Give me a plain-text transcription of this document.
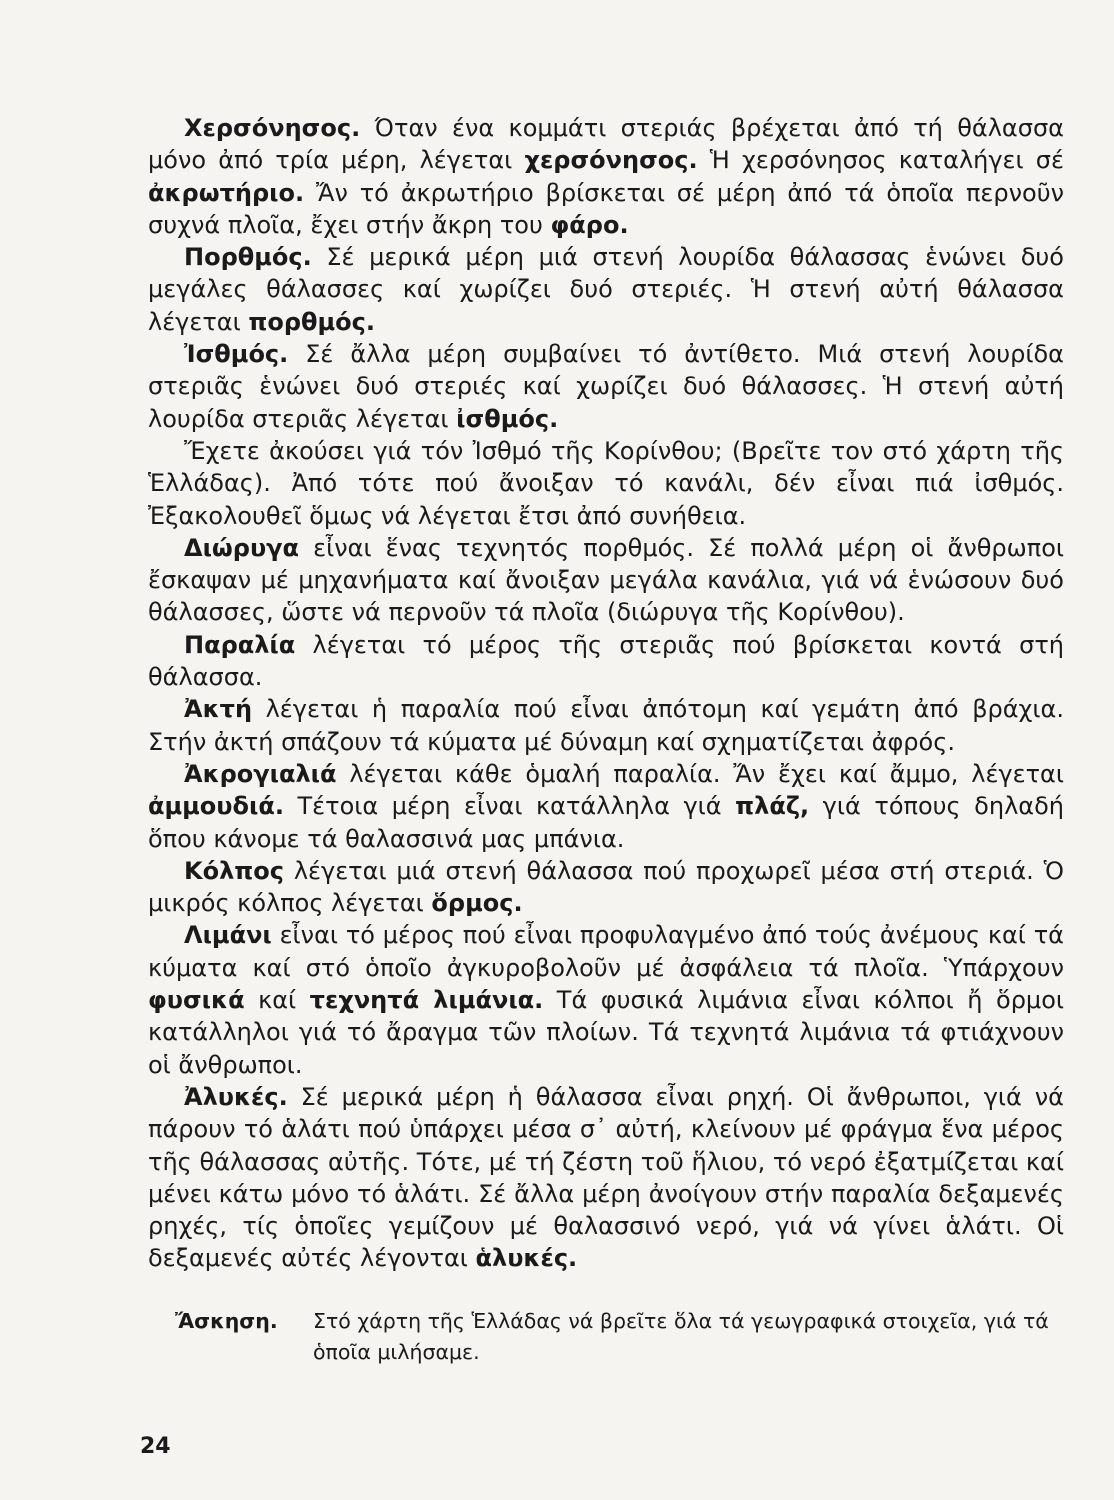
Χερσόνησος. Όταν ένα κομμάτι στεριάς βρέχεται ἀπό τή θάλασσα μόνο ἀπό τρία μέρη, λέγεται χερσόνησος. Ἡ χερσόνησος καταλήγει σέ ἀκρωτήριο. Ἄν τό ἀκρωτήριο βρίσκεται σέ μέρη ἀπό τά ὁποῖα περνοῦν συχνά πλοῖα, ἔχει στήν ἄκρη του φάρο.

Πορθμός. Σέ μερικά μέρη μιά στενή λουρίδα θάλασσας ἑνώνει δυό μεγάλες θάλασσες καί χωρίζει δυό στεριές. Ἡ στενή αὐτή θάλασσα λέγεται πορθμός.

Ἰσθμός. Σέ ἄλλα μέρη συμβαίνει τό ἀντίθετο. Μιά στενή λουρίδα στεριᾶς ἑνώνει δυό στεριές καί χωρίζει δυό θάλασσες. Ἡ στενή αὐτή λουρίδα στεριᾶς λέγεται ἰσθμός.

Ἔχετε ἀκούσει γιά τόν Ἰσθμό τῆς Κορίνθου; (Βρεῖτε τον στό χάρτη τῆς Ἑλλάδας). Ἀπό τότε πού ἄνοιξαν τό κανάλι, δέν εἶναι πιά ἰσθμός. Ἐξακολουθεῖ ὅμως νά λέγεται ἔτσι ἀπό συνήθεια.

Διώρυγα εἶναι ἕνας τεχνητός πορθμός. Σέ πολλά μέρη οἱ ἄνθρωποι ἔσκαψαν μέ μηχανήματα καί ἄνοιξαν μεγάλα κανάλια, γιά νά ἑνώσουν δυό θάλασσες, ὥστε νά περνοῦν τά πλοῖα (διώρυγα τῆς Κορίνθου).

Παραλία λέγεται τό μέρος τῆς στεριᾶς πού βρίσκεται κοντά στή θάλασσα.

Ἀκτή λέγεται ἡ παραλία πού εἶναι ἀπότομη καί γεμάτη ἀπό βράχια. Στήν ἀκτή σπάζουν τά κύματα μέ δύναμη καί σχηματίζεται ἀφρός.

Ἀκρογιαλιά λέγεται κάθε ὁμαλή παραλία. Ἄν ἔχει καί ἄμμο, λέγεται ἀμμουδιά. Τέτοια μέρη εἶναι κατάλληλα γιά πλάζ, γιά τόπους δηλαδή ὅπου κάνομε τά θαλασσινά μας μπάνια.

Κόλπος λέγεται μιά στενή θάλασσα πού προχωρεῖ μέσα στή στεριά. Ὁ μικρός κόλπος λέγεται ὅρμος.

Λιμάνι εἶναι τό μέρος πού εἶναι προφυλαγμένο ἀπό τούς ἀνέμους καί τά κύματα καί στό ὁποῖο ἀγκυροβολοῦν μέ ἀσφάλεια τά πλοῖα. Ὑπάρχουν φυσικά καί τεχνητά λιμάνια. Τά φυσικά λιμάνια εἶναι κόλποι ἤ ὅρμοι κατάλληλοι γιά τό ἄραγμα τῶν πλοίων. Τά τεχνητά λιμάνια τά φτιάχνουν οἱ ἄνθρωποι.

Ἀλυκές. Σέ μερικά μέρη ἡ θάλασσα εἶναι ρηχή. Οἱ ἄνθρωποι, γιά νά πάρουν τό ἁλάτι πού ὑπάρχει μέσα σ᾽ αὐτή, κλείνουν μέ φράγμα ἕνα μέρος τῆς θάλασσας αὐτῆς. Τότε, μέ τή ζέστη τοῦ ἥλιου, τό νερό ἐξατμίζεται καί μένει κάτω μόνο τό ἁλάτι. Σέ ἄλλα μέρη ἀνοίγουν στήν παραλία δεξαμενές ρηχές, τίς ὁποῖες γεμίζουν μέ θαλασσινό νερό, γιά νά γίνει ἁλάτι. Οἱ δεξαμενές αὐτές λέγονται ἁλυκές.

Ἄσκηση.	Στό χάρτη τῆς Ἑλλάδας νά βρεῖτε ὅλα τά γεωγραφικά στοιχεῖα, γιά τά ὁποῖα μιλήσαμε.
24
